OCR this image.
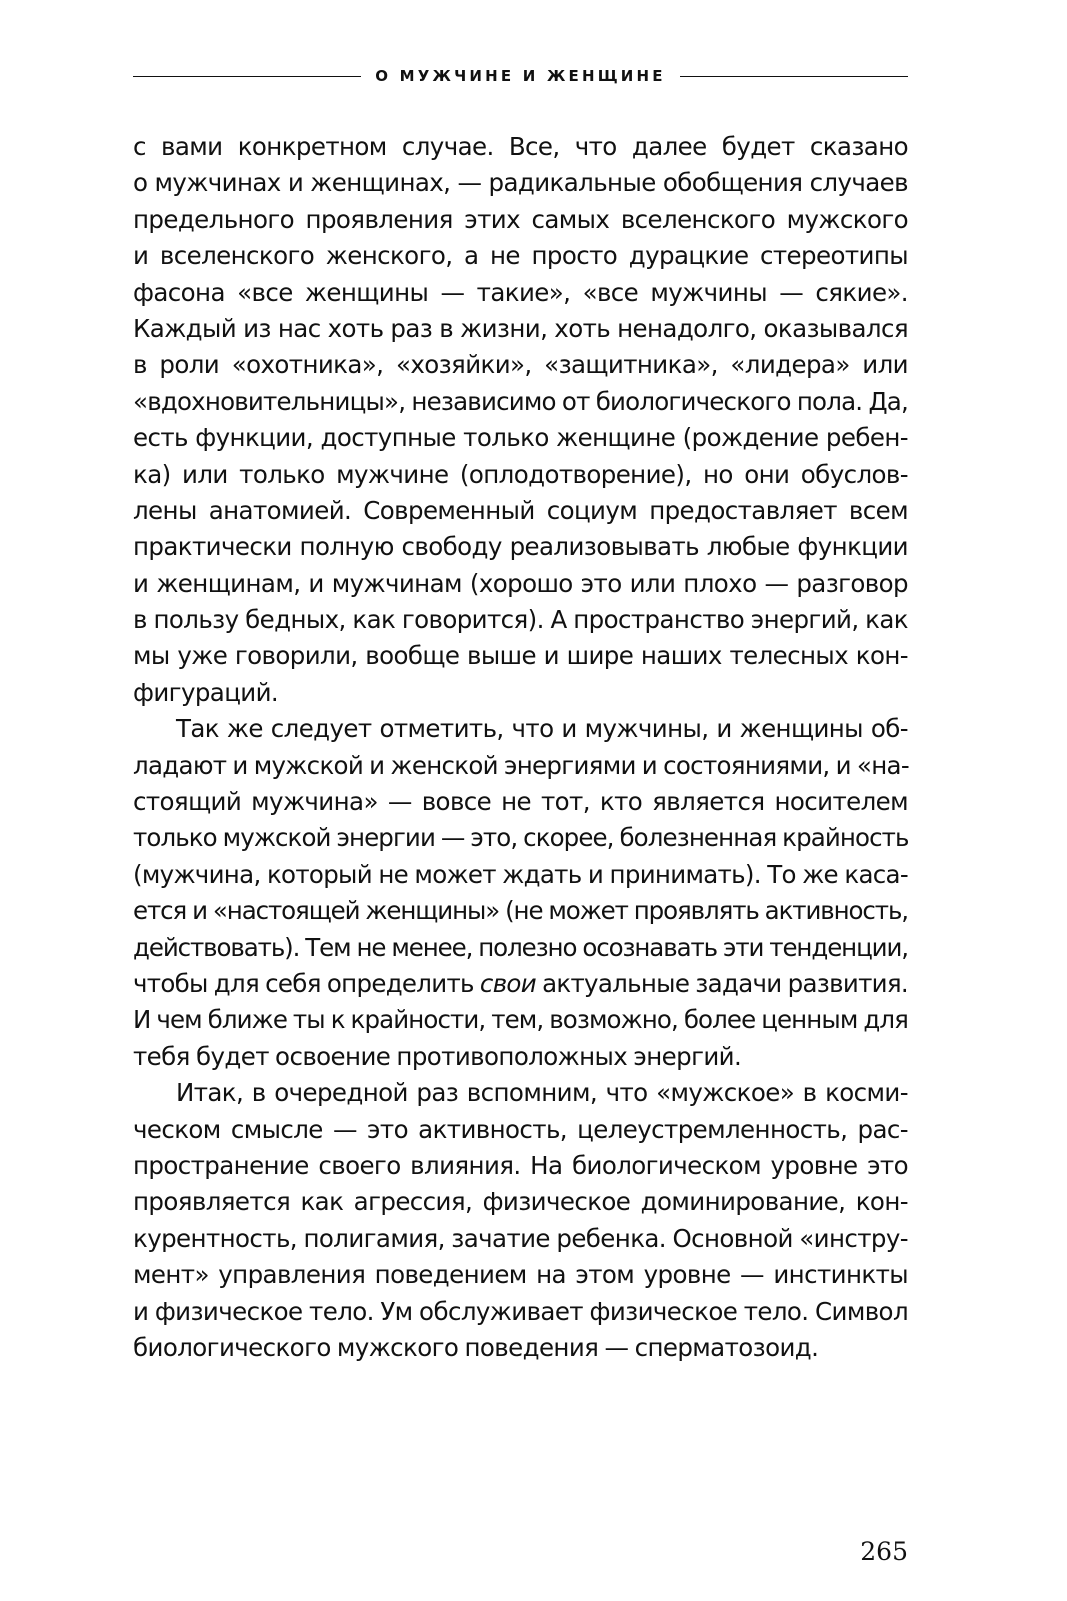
О МУЖЧИНЕ И ЖЕНЩИНЕ
с вами конкретном случае. Все, что далее будет сказано
о мужчинах и женщинах, — радикальные обобщения случаев
предельного проявления этих самых вселенского мужского
и вселенского женского, а не просто дурацкие стереотипы
фасона «все женщины — такие», «все мужчины — сякие».
Каждый из нас хоть раз в жизни, хоть ненадолго, оказывался
в роли «охотника», «хозяйки», «защитника», «лидера» или
«вдохновительницы», независимо от биологического пола. Да,
есть функции, доступные только женщине (рождение ребен-
ка) или только мужчине (оплодотворение), но они обуслов-
лены анатомией. Современный социум предоставляет всем
практически полную свободу реализовывать любые функции
и женщинам, и мужчинам (хорошо это или плохо — разговор
в пользу бедных, как говорится). А пространство энергий, как
мы уже говорили, вообще выше и шире наших телесных кон-
фигураций.
Так же следует отметить, что и мужчины, и женщины об-
ладают и мужской и женской энергиями и состояниями, и «на-
стоящий мужчина» — вовсе не тот, кто является носителем
только мужской энергии — это, скорее, болезненная крайность
(мужчина, который не может ждать и принимать). То же каса-
ется и «настоящей женщины» (не может проявлять активность,
действовать). Тем не менее, полезно осознавать эти тенденции,
чтобы для себя определить свои актуальные задачи развития.
И чем ближе ты к крайности, тем, возможно, более ценным для
тебя будет освоение противоположных энергий.
Итак, в очередной раз вспомним, что «мужское» в косми-
ческом смысле — это активность, целеустремленность, рас-
пространение своего влияния. На биологическом уровне это
проявляется как агрессия, физическое доминирование, кон-
курентность, полигамия, зачатие ребенка. Основной «инстру-
мент» управления поведением на этом уровне — инстинкты
и физическое тело. Ум обслуживает физическое тело. Символ
биологического мужского поведения — сперматозоид.
265
